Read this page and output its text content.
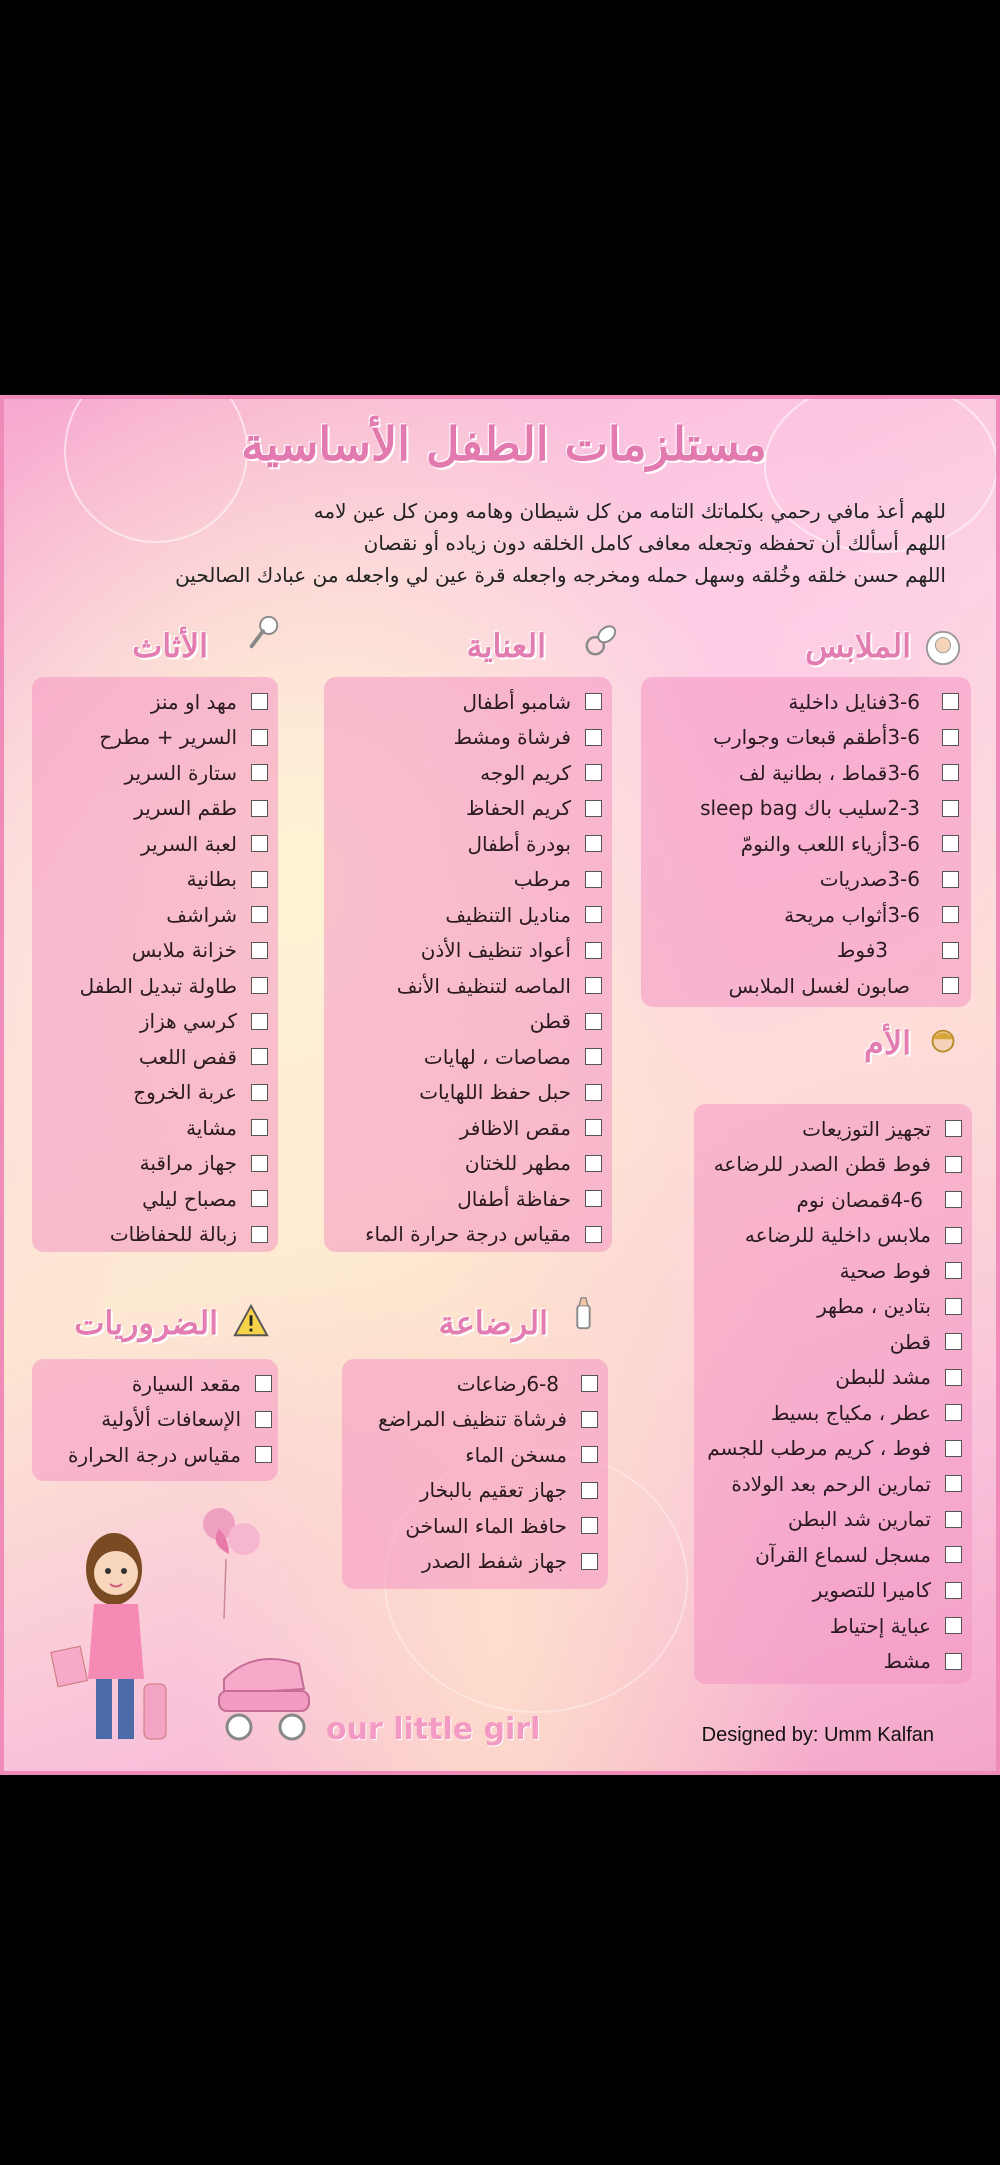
مستلزمات الطفل الأساسية
للهم أعذ مافي رحمي بكلماتك التامه من كل شيطان وهامه ومن كل عين لامه
اللهم أسألك أن تحفظه وتجعله معافى كامل الخلقه دون زياده أو نقصان
اللهم حسن خلقه وخُلقه وسهل حمله ومخرجه واجعله قرة عين لي واجعله من عبادك الصالحين
الملابس
فنايل داخلية 3-6
أطقم قبعات وجوارب 3-6
قماط ، بطانية لف 3-6
سليب باك sleep bag 2-3
أزياء اللعب والنومّ 3-6
صدريات 3-6
أثواب مريحة 3-6
فوط 3
صابون لغسل الملابس
العناية
شامبو أطفال
فرشاة ومشط
كريم الوجه
كريم الحفاظ
بودرة أطفال
مرطب
مناديل التنظيف
أعواد تنظيف الأذن
الماصه لتنظيف الأنف
قطن
مصاصات ، لهايات
حبل حفظ اللهايات
مقص الاظافر
مطهر للختان
حفاظة أطفال
مقياس درجة حرارة الماء
الأثاث
مهد او منز
السرير + مطرح
ستارة السرير
طقم السرير
لعبة السرير
بطانية
شراشف
خزانة ملابس
طاولة تبديل الطفل
كرسي هزاز
قفص اللعب
عربة الخروج
مشاية
جهاز مراقبة
مصباح ليلي
زبالة للحفاظات
الأم
تجهيز التوزيعات
فوط قطن الصدر للرضاعه
قمصان نوم 4-6
ملابس داخلية للرضاعه
فوط صحية
بتادين ، مطهر
قطن
مشد للبطن
عطر ، مكياج بسيط
فوط ، كريم مرطب للجسم
تمارين الرحم بعد الولادة
تمارين شد البطن
مسجل لسماع القرآن
كاميرا للتصوير
عباية إحتياط
مشط
الرضاعة
رضاعات 6-8
فرشاة تنظيف المراضع
مسخن الماء
جهاز تعقيم بالبخار
حافظ الماء الساخن
جهاز شفط الصدر
الضروريات
مقعد السيارة
الإسعافات ألأولية
مقياس درجة الحرارة
our little girl	Designed by: Umm Kalfan
